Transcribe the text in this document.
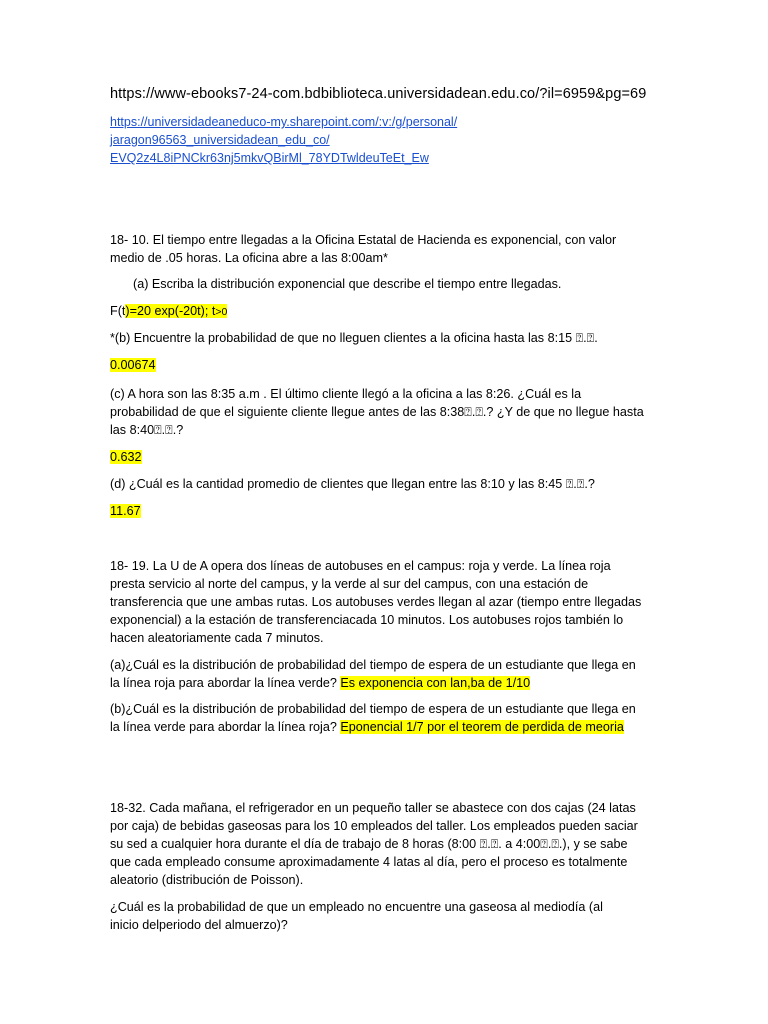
https://www-ebooks7-24-com.bdbiblioteca.universidadean.edu.co/?il=6959&pg=69
https://universidadeaneduco-my.sharepoint.com/:v:/g/personal/
jaragon96563_universidadean_edu_co/
EVQ2z4L8iPNCkr63nj5mkvQBirMl_78YDTwldeuTeEt_Ew
18- 10. El tiempo entre llegadas a la Oficina Estatal de Hacienda es exponencial, con valor
medio de .05 horas. La oficina abre a las 8:00am*
(a) Escriba la distribución exponencial que describe el tiempo entre llegadas.
F(t)=20 exp(-20t); t>0
*(b) Encuentre la probabilidad de que no lleguen clientes a la oficina hasta las 8:15 ⍰.⍰.
0.00674
(c) A hora son las 8:35 a.m . El último cliente llegó a la oficina a las 8:26. ¿Cuál es la
probabilidad de que el siguiente cliente llegue antes de las 8:38⍰.⍰.? ¿Y de que no llegue hasta
las 8:40⍰.⍰.?
0.632
(d) ¿Cuál es la cantidad promedio de clientes que llegan entre las 8:10 y las 8:45 ⍰.⍰.?
11.67
18- 19. La U de A opera dos líneas de autobuses en el campus: roja y verde. La línea roja
presta servicio al norte del campus, y la verde al sur del campus, con una estación de
transferencia que une ambas rutas. Los autobuses verdes llegan al azar (tiempo entre llegadas
exponencial) a la estación de transferenciacada 10 minutos. Los autobuses rojos también lo
hacen aleatoriamente cada 7 minutos.
(a)¿Cuál es la distribución de probabilidad del tiempo de espera de un estudiante que llega en
la línea roja para abordar la línea verde? Es exponencia con lan,ba de 1/10
(b)¿Cuál es la distribución de probabilidad del tiempo de espera de un estudiante que llega en
la línea verde para abordar la línea roja? Eponencial 1/7 por el teorem de perdida de meoria
18-32. Cada mañana, el refrigerador en un pequeño taller se abastece con dos cajas (24 latas
por caja) de bebidas gaseosas para los 10 empleados del taller. Los empleados pueden saciar
su sed a cualquier hora durante el día de trabajo de 8 horas (8:00 ⍰.⍰. a 4:00⍰.⍰.), y se sabe
que cada empleado consume aproximadamente 4 latas al día, pero el proceso es totalmente
aleatorio (distribución de Poisson).
¿Cuál es la probabilidad de que un empleado no encuentre una gaseosa al mediodía (al
inicio delperiodo del almuerzo)?
